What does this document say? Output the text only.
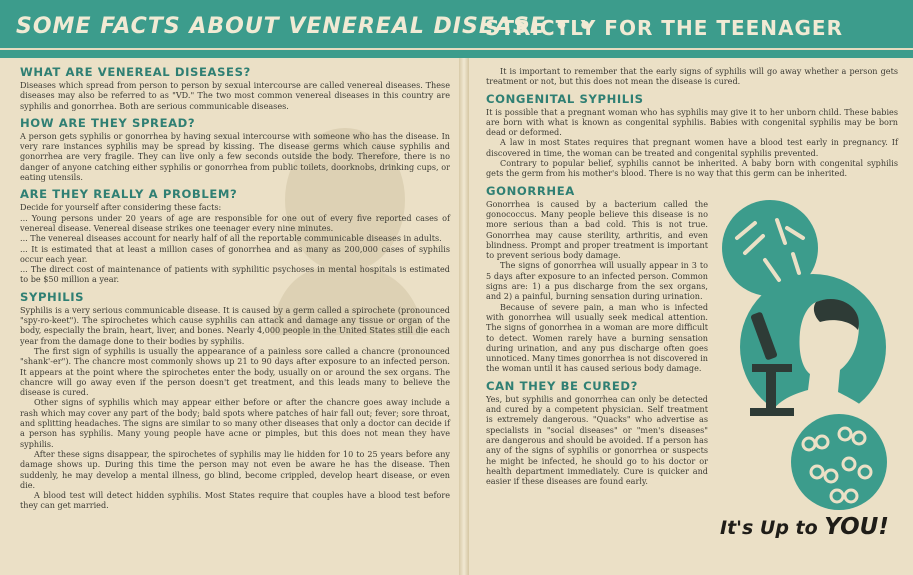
SOME FACTS ABOUT VENEREAL DISEASE • •
STRICTLY FOR THE TEENAGER
WHAT ARE VENEREAL DISEASES?

Diseases which spread from person to person by sexual intercourse are called venereal diseases. These diseases may also be referred to as "VD." The two most common venereal diseases in this country are syphilis and gonorrhea. Both are serious communicable diseases.

HOW ARE THEY SPREAD?

A person gets syphilis or gonorrhea by having sexual intercourse with someone who has the disease. In very rare instances syphilis may be spread by kissing. The disease germs which cause syphilis and gonorrhea are very fragile. They can live only a few seconds outside the body. Therefore, there is no danger of anyone catching either syphilis or gonorrhea from public toilets, doorknobs, drinking cups, or eating utensils.

ARE THEY REALLY A PROBLEM?

Decide for yourself after considering these facts:

... Young persons under 20 years of age are responsible for one out of every five reported cases of venereal disease. Venereal disease strikes one teenager every nine minutes.

... The venereal diseases account for nearly half of all the reportable communicable diseases in adults.

... It is estimated that at least a million cases of gonorrhea and as many as 200,000 cases of syphilis occur each year.

... The direct cost of maintenance of patients with syphilitic psychoses in mental hospitals is estimated to be $50 million a year.

SYPHILIS

Syphilis is a very serious communicable disease. It is caused by a germ called a spirochete (pronounced "spy-ro-keet"). The spirochetes which cause syphilis can attack and damage any tissue or organ of the body, especially the brain, heart, liver, and bones. Nearly 4,000 people in the United States still die each year from the damage done to their bodies by syphilis.

The first sign of syphilis is usually the appearance of a painless sore called a chancre (pronounced "shank'-er"). The chancre most commonly shows up 21 to 90 days after exposure to an infected person. It appears at the point where the spirochetes enter the body, usually on or around the sex organs. The chancre will go away even if the person doesn't get treatment, and this leads many to believe the disease is cured.

Other signs of syphilis which may appear either before or after the chancre goes away include a rash which may cover any part of the body; bald spots where patches of hair fall out; fever; sore throat, and splitting headaches. The signs are similar to so many other diseases that only a doctor can decide if a person has syphilis. Many young people have acne or pimples, but this does not mean they have syphilis.

After these signs disappear, the spirochetes of syphilis may lie hidden for 10 to 25 years before any damage shows up. During this time the person may not even be aware he has the disease. Then suddenly, he may develop a mental illness, go blind, become crippled, develop heart disease, or even die.

A blood test will detect hidden syphilis. Most States require that couples have a blood test before they can get married.

It is important to remember that the early signs of syphilis will go away whether a person gets treatment or not, but this does not mean the disease is cured.

CONGENITAL SYPHILIS

It is possible that a pregnant woman who has syphilis may give it to her unborn child. These babies are born with what is known as congenital syphilis. Babies with congenital syphilis may be born dead or deformed.

A law in most States requires that pregnant women have a blood test early in pregnancy. If discovered in time, the woman can be treated and congenital syphilis prevented.

Contrary to popular belief, syphilis cannot be inherited. A baby born with congenital syphilis gets the germ from his mother's blood. There is no way that this germ can be inherited.

GONORRHEA

Gonorrhea is caused by a bacterium called the gonococcus. Many people believe this disease is no more serious than a bad cold. This is not true. Gonorrhea may cause sterility, arthritis, and even blindness. Prompt and proper treatment is important to prevent serious body damage.

The signs of gonorrhea will usually appear in 3 to 5 days after exposure to an infected person. Common signs are: 1) a pus discharge from the sex organs, and 2) a painful, burning sensation during urination.

Because of severe pain, a man who is infected with gonorrhea will usually seek medical attention. The signs of gonorrhea in a woman are more difficult to detect. Women rarely have a burning sensation during urination, and any pus discharge often goes unnoticed. Many times gonorrhea is not discovered in the woman until it has caused serious body damage.

CAN THEY BE CURED?

Yes, but syphilis and gonorrhea can only be detected and cured by a competent physician. Self treatment is extremely dangerous. "Quacks" who advertise as specialists in "social diseases" or "men's diseases" are dangerous and should be avoided. If a person has any of the signs of syphilis or gonorrhea or suspects he might be infected, he should go to his doctor or health department immediately. Cure is quicker and easier if these diseases are found early.

It's Up to YOU!
